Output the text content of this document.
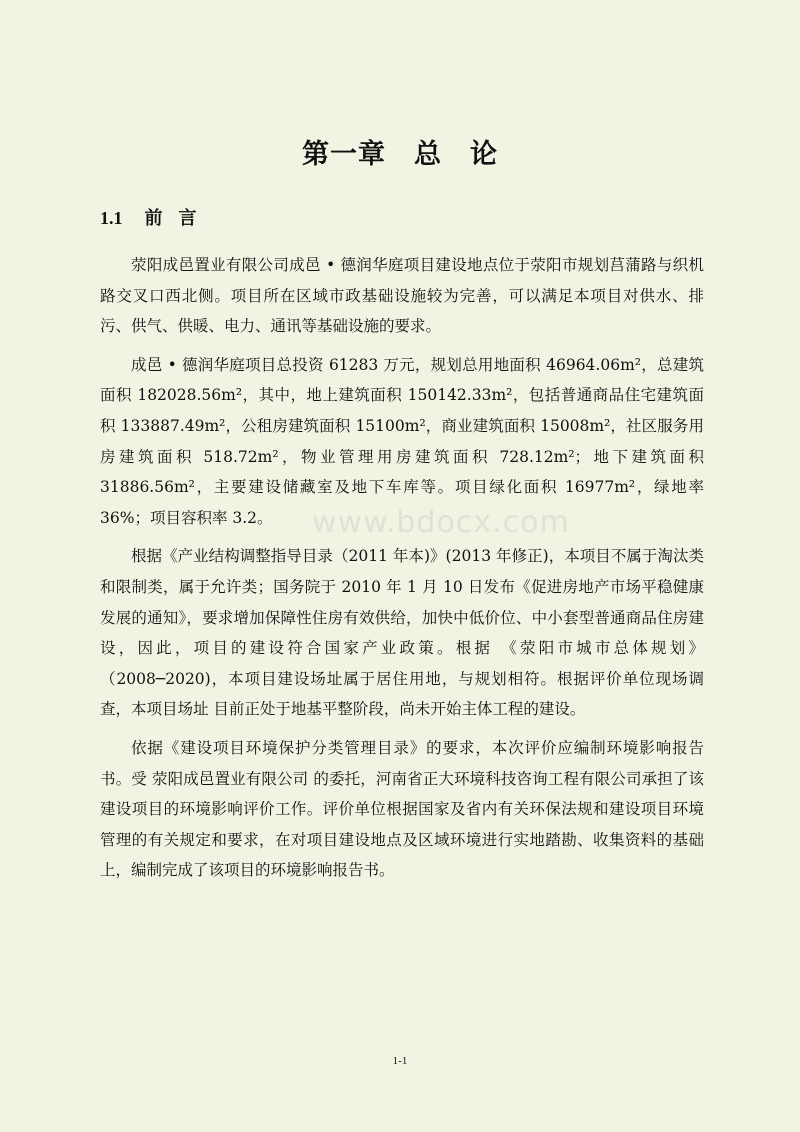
第一章 总 论
1.1 前言
www.bdocx.com

荥阳成邑置业有限公司成邑 • 德润华庭项目建设地点位于荥阳市规划莒蒲路与织机路交叉口西北侧。项目所在区域市政基础设施较为完善，可以满足本项目对供水、排污、供气、供暖、电力、通讯等基础设施的要求。

成邑 • 德润华庭项目总投资 61283 万元，规划总用地面积 46964.06m²，总建筑面积 182028.56m²，其中，地上建筑面积 150142.33m²，包括普通商品住宅建筑面积 133887.49m²，公租房建筑面积 15100m²，商业建筑面积 15008m²，社区服务用房建筑面积 518.72m²，物业管理用房建筑面积 728.12m²；地下建筑面积 31886.56m²，主要建设储藏室及地下车库等。项目绿化面积 16977m²，绿地率 36%；项目容积率 3.2。

根据《产业结构调整指导目录（2011 年本)》(2013 年修正)，本项目不属于淘汰类和限制类，属于允许类；国务院于 2010 年 1 月 10 日发布《促进房地产市场平稳健康发展的通知》，要求增加保障性住房有效供给，加快中低价位、中小套型普通商品住房建设，因此，项目的建设符合国家产业政策。根据 《荥阳市城市总体规划》（2008─2020)，本项目建设场址属于居住用地，与规划相符。根据评价单位现场调查，本项目场址 目前正处于地基平整阶段，尚未开始主体工程的建设。

依据《建设项目环境保护分类管理目录》的要求，本次评价应编制环境影响报告书。受 荥阳成邑置业有限公司 的委托，河南省正大环境科技咨询工程有限公司承担了该建设项目的环境影响评价工作。评价单位根据国家及省内有关环保法规和建设项目环境管理的有关规定和要求，在对项目建设地点及区域环境进行实地踏勘、收集资料的基础上，编制完成了该项目的环境影响报告书。

1-1
